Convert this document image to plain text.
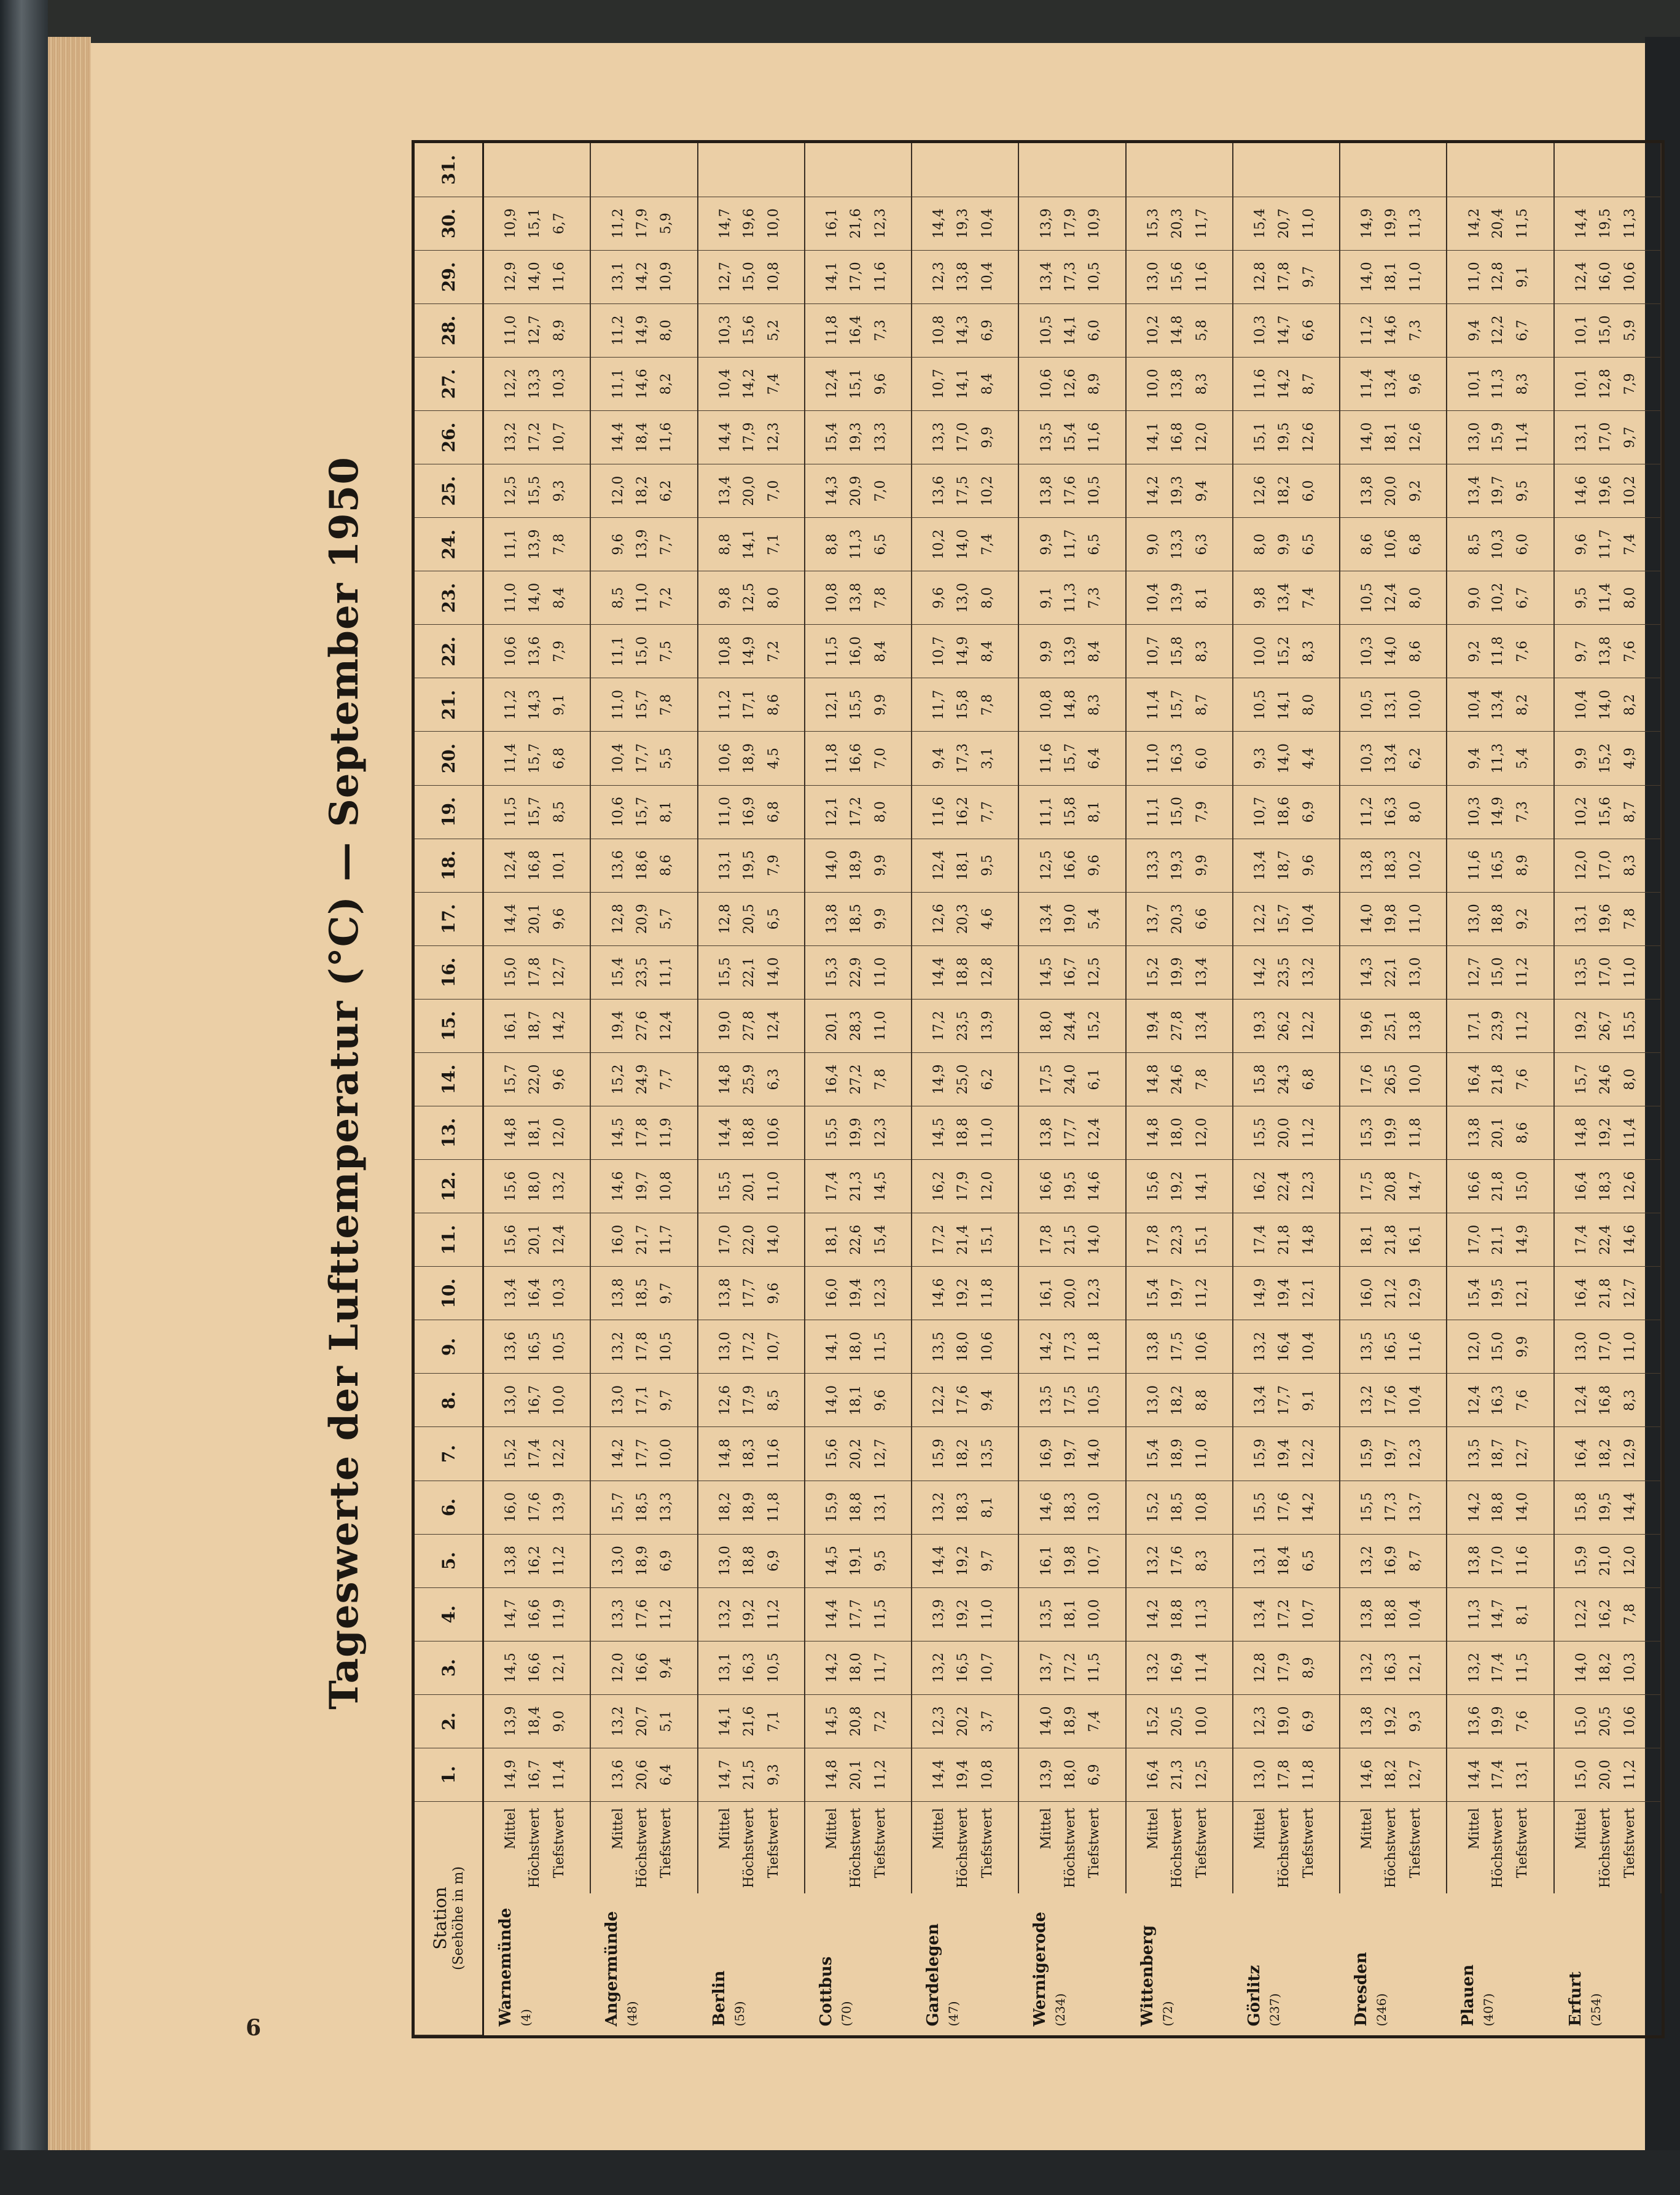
6
Tageswerte der Lufttemperatur (°C) — September 1950
Station (Seehöhe in m)		1.	2.	3.	4.	5.	6.	7.	8.	9.	10.	11.	12.	13.	14.	15.	16.	17.	18.	19.	20.	21.	22.	23.	24.	25.	26.	27.	28.	29.	30.	31.
Warnemünde (4)	Mittel	14,9	13,9	14,5	14,7	13,8	16,0	15,2	13,0	13,6	13,4	15,6	15,6	14,8	15,7	16,1	15,0	14,4	12,4	11,5	11,4	11,2	10,6	11,0	11,1	12,5	13,2	12,2	11,0	12,9	10,9	
	Höchstwert	16,7	18,4	16,6	16,6	16,2	17,6	17,4	16,7	16,5	16,4	20,1	18,0	18,1	22,0	18,7	17,8	20,1	16,8	15,7	15,7	14,3	13,6	14,0	13,9	15,5	17,2	13,3	12,7	14,0	15,1	
	Tiefstwert	11,4	9,0	12,1	11,9	11,2	13,9	12,2	10,0	10,5	10,3	12,4	13,2	12,0	9,6	14,2	12,7	9,6	10,1	8,5	6,8	9,1	7,9	8,4	7,8	9,3	10,7	10,3	8,9	11,6	6,7	
Angermünde (48)	Mittel	13,6	13,2	12,0	13,3	13,0	15,7	14,2	13,0	13,2	13,8	16,0	14,6	14,5	15,2	19,4	15,4	12,8	13,6	10,6	10,4	11,0	11,1	8,5	9,6	12,0	14,4	11,1	11,2	13,1	11,2	
	Höchstwert	20,6	20,7	16,6	17,6	18,9	18,5	17,7	17,1	17,8	18,5	21,7	19,7	17,8	24,9	27,6	23,5	20,9	18,6	15,7	17,7	15,7	15,0	11,0	13,9	18,2	18,4	14,6	14,9	14,2	17,9	
	Tiefstwert	6,4	5,1	9,4	11,2	6,9	13,3	10,0	9,7	10,5	9,7	11,7	10,8	11,9	7,7	12,4	11,1	5,7	8,6	8,1	5,5	7,8	7,5	7,2	7,7	6,2	11,6	8,2	8,0	10,9	5,9	
Berlin (59)	Mittel	14,7	14,1	13,1	13,2	13,0	18,2	14,8	12,6	13,0	13,8	17,0	15,5	14,4	14,8	19,0	15,5	12,8	13,1	11,0	10,6	11,2	10,8	9,8	8,8	13,4	14,4	10,4	10,3	12,7	14,7	
	Höchstwert	21,5	21,6	16,3	19,2	18,8	18,9	18,3	17,9	17,2	17,7	22,0	20,1	18,8	25,9	27,8	22,1	20,5	19,5	16,9	18,9	17,1	14,9	12,5	14,1	20,0	17,9	14,2	15,6	15,0	19,6	
	Tiefstwert	9,3	7,1	10,5	11,2	6,9	11,8	11,6	8,5	10,7	9,6	14,0	11,0	10,6	6,3	12,4	14,0	6,5	7,9	6,8	4,5	8,6	7,2	8,0	7,1	7,0	12,3	7,4	5,2	10,8	10,0	
Cottbus (70)	Mittel	14,8	14,5	14,2	14,4	14,5	15,9	15,6	14,0	14,1	16,0	18,1	17,4	15,5	16,4	20,1	15,3	13,8	14,0	12,1	11,8	12,1	11,5	10,8	8,8	14,3	15,4	12,4	11,8	14,1	16,1	
	Höchstwert	20,1	20,8	18,0	17,7	19,1	18,8	20,2	18,1	18,0	19,4	22,6	21,3	19,9	27,2	28,3	22,9	18,5	18,9	17,2	16,6	15,5	16,0	13,8	11,3	20,9	19,3	15,1	16,4	17,0	21,6	
	Tiefstwert	11,2	7,2	11,7	11,5	9,5	13,1	12,7	9,6	11,5	12,3	15,4	14,5	12,3	7,8	11,0	11,0	9,9	9,9	8,0	7,0	9,9	8,4	7,8	6,5	7,0	13,3	9,6	7,3	11,6	12,3	
Gardelegen (47)	Mittel	14,4	12,3	13,2	13,9	14,4	13,2	15,9	12,2	13,5	14,6	17,2	16,2	14,5	14,9	17,2	14,4	12,6	12,4	11,6	9,4	11,7	10,7	9,6	10,2	13,6	13,3	10,7	10,8	12,3	14,4	
	Höchstwert	19,4	20,2	16,5	19,2	19,2	18,3	18,2	17,6	18,0	19,2	21,4	17,9	18,8	25,0	23,5	18,8	20,3	18,1	16,2	17,3	15,8	14,9	13,0	14,0	17,5	17,0	14,1	14,3	13,8	19,3	
	Tiefstwert	10,8	3,7	10,7	11,0	9,7	8,1	13,5	9,4	10,6	11,8	15,1	12,0	11,0	6,2	13,9	12,8	4,6	9,5	7,7	3,1	7,8	8,4	8,0	7,4	10,2	9,9	8,4	6,9	10,4	10,4	
Wernigerode (234)	Mittel	13,9	14,0	13,7	13,5	16,1	14,6	16,9	13,5	14,2	16,1	17,8	16,6	13,8	17,5	18,0	14,5	13,4	12,5	11,1	11,6	10,8	9,9	9,1	9,9	13,8	13,5	10,6	10,5	13,4	13,9	
	Höchstwert	18,0	18,9	17,2	18,1	19,8	18,3	19,7	17,5	17,3	20,0	21,5	19,5	17,7	24,0	24,4	16,7	19,0	16,6	15,8	15,7	14,8	13,9	11,3	11,7	17,6	15,4	12,6	14,1	17,3	17,9	
	Tiefstwert	6,9	7,4	11,5	10,0	10,7	13,0	14,0	10,5	11,8	12,3	14,0	14,6	12,4	6,1	15,2	12,5	5,4	9,6	8,1	6,4	8,3	8,4	7,3	6,5	10,5	11,6	8,9	6,0	10,5	10,9	
Wittenberg (72)	Mittel	16,4	15,2	13,2	14,2	13,2	15,2	15,4	13,0	13,8	15,4	17,8	15,6	14,8	14,8	19,4	15,2	13,7	13,3	11,1	11,0	11,4	10,7	10,4	9,0	14,2	14,1	10,0	10,2	13,0	15,3	
	Höchstwert	21,3	20,5	16,9	18,8	17,6	18,5	18,9	18,2	17,5	19,7	22,3	19,2	18,0	24,6	27,8	19,9	20,3	19,3	15,0	16,3	15,7	15,8	13,9	13,3	19,3	16,8	13,8	14,8	15,6	20,3	
	Tiefstwert	12,5	10,0	11,4	11,3	8,3	10,8	11,0	8,8	10,6	11,2	15,1	14,1	12,0	7,8	13,4	13,4	6,6	9,9	7,9	6,0	8,7	8,3	8,1	6,3	9,4	12,0	8,3	5,8	11,6	11,7	
Görlitz (237)	Mittel	13,0	12,3	12,8	13,4	13,1	15,5	15,9	13,4	13,2	14,9	17,4	16,2	15,5	15,8	19,3	14,2	12,2	13,4	10,7	9,3	10,5	10,0	9,8	8,0	12,6	15,1	11,6	10,3	12,8	15,4	
	Höchstwert	17,8	19,0	17,9	17,2	18,4	17,6	19,4	17,7	16,4	19,4	21,8	22,4	20,0	24,3	26,2	23,5	15,7	18,7	18,6	14,0	14,1	15,2	13,4	9,9	18,2	19,5	14,2	14,7	17,8	20,7	
	Tiefstwert	11,8	6,9	8,9	10,7	6,5	14,2	12,2	9,1	10,4	12,1	14,8	12,3	11,2	6,8	12,2	13,2	10,4	9,6	6,9	4,4	8,0	8,3	7,4	6,5	6,0	12,6	8,7	6,6	9,7	11,0	
Dresden (246)	Mittel	14,6	13,8	13,2	13,8	13,2	15,5	15,9	13,2	13,5	16,0	18,1	17,5	15,3	17,6	19,6	14,3	14,0	13,8	11,2	10,3	10,5	10,3	10,5	8,6	13,8	14,0	11,4	11,2	14,0	14,9	
	Höchstwert	18,2	19,2	16,3	18,8	16,9	17,3	19,7	17,6	16,5	21,2	21,8	20,8	19,9	26,5	25,1	22,1	19,8	18,3	16,3	13,4	13,1	14,0	12,4	10,6	20,0	18,1	13,4	14,6	18,1	19,9	
	Tiefstwert	12,7	9,3	12,1	10,4	8,7	13,7	12,3	10,4	11,6	12,9	16,1	14,7	11,8	10,0	13,8	13,0	11,0	10,2	8,0	6,2	10,0	8,6	8,0	6,8	9,2	12,6	9,6	7,3	11,0	11,3	
Plauen (407)	Mittel	14,4	13,6	13,2	11,3	13,8	14,2	13,5	12,4	12,0	15,4	17,0	16,6	13,8	16,4	17,1	12,7	13,0	11,6	10,3	9,4	10,4	9,2	9,0	8,5	13,4	13,0	10,1	9,4	11,0	14,2	
	Höchstwert	17,4	19,9	17,4	14,7	17,0	18,8	18,7	16,3	15,0	19,5	21,1	21,8	20,1	21,8	23,9	15,0	18,8	16,5	14,9	11,3	13,4	11,8	10,2	10,3	19,7	15,9	11,3	12,2	12,8	20,4	
	Tiefstwert	13,1	7,6	11,5	8,1	11,6	14,0	12,7	7,6	9,9	12,1	14,9	15,0	8,6	7,6	11,2	11,2	9,2	8,9	7,3	5,4	8,2	7,6	6,7	6,0	9,5	11,4	8,3	6,7	9,1	11,5	
Erfurt (254)	Mittel	15,0	15,0	14,0	12,2	15,9	15,8	16,4	12,4	13,0	16,4	17,4	16,4	14,8	15,7	19,2	13,5	13,1	12,0	10,2	9,9	10,4	9,7	9,5	9,6	14,6	13,1	10,1	10,1	12,4	14,4	
	Höchstwert	20,0	20,5	18,2	16,2	21,0	19,5	18,2	16,8	17,0	21,8	22,4	18,3	19,2	24,6	26,7	17,0	19,6	17,0	15,6	15,2	14,0	13,8	11,4	11,7	19,6	17,0	12,8	15,0	16,0	19,5	
	Tiefstwert	11,2	10,6	10,3	7,8	12,0	14,4	12,9	8,3	11,0	12,7	14,6	12,6	11,4	8,0	15,5	11,0	7,8	8,3	8,7	4,9	8,2	7,6	8,0	7,4	10,2	9,7	7,9	5,9	10,6	11,3	
